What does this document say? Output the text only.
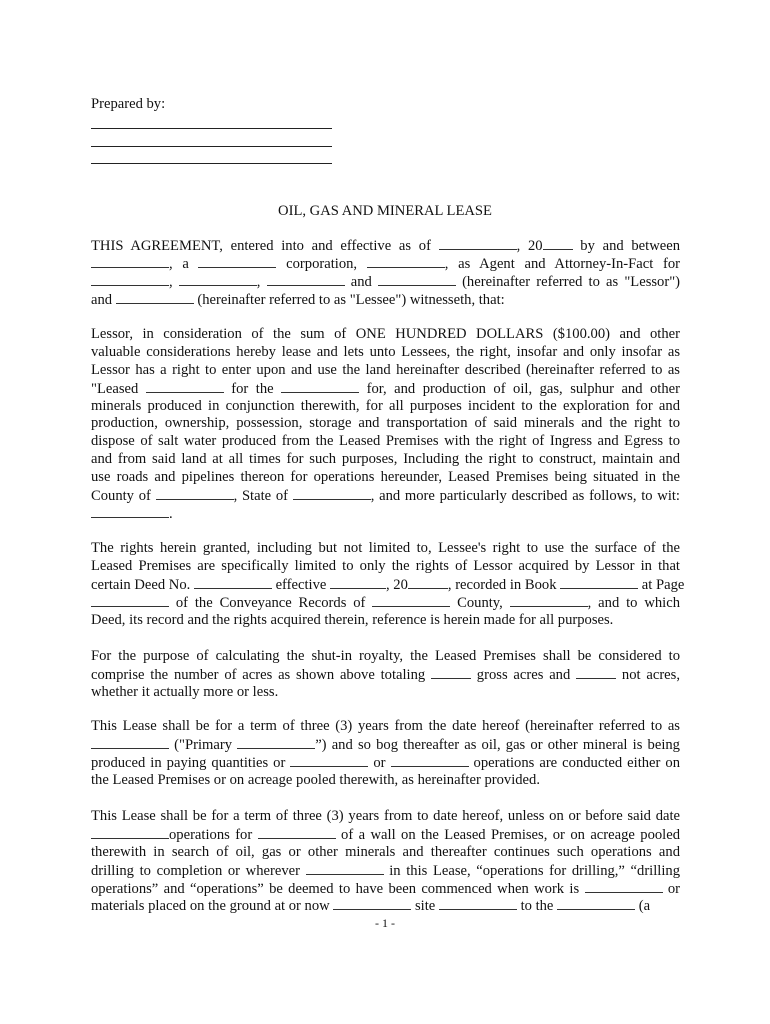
Prepared by:
OIL, GAS AND MINERAL LEASE
THIS AGREEMENT, entered into and effective as of	, 20 by and between
, a	corporation,	, as Agent and Attorney-In-Fact for
,	,	and	(hereinafter referred to as "Lessor")
and	(hereinafter referred to as "Lessee") witnesseth, that:
Lessor, in consideration of the sum of ONE HUNDRED DOLLARS ($100.00) and other
valuable considerations hereby lease and lets unto Lessees, the right, insofar and only insofar as
Lessor has a right to enter upon and use the land hereinafter described (hereinafter referred to as
"Leased	for the	for, and production of oil, gas, sulphur and other
minerals produced in conjunction therewith, for all purposes incident to the exploration for and
production, ownership, possession, storage and transportation of said minerals and the right to
dispose of salt water produced from the Leased Premises with the right of Ingress and Egress to
and from said land at all times for such purposes, Including the right to construct, maintain and
use roads and pipelines thereon for operations hereunder, Leased Premises being situated in the
County of	, State of	, and more particularly described as follows, to wit:
.
The rights herein granted, including but not limited to, Lessee's right to use the surface of the
Leased Premises are specifically limited to only the rights of Lessor acquired by Lessor in that
certain Deed No.	effective	, 20	, recorded in Book	at Page
of the Conveyance Records of	County,	, and to which
Deed, its record and the rights acquired therein, reference is herein made for all purposes.
For the purpose of calculating the shut-in royalty, the Leased Premises shall be considered to
comprise the number of acres as shown above totaling	gross acres and	not acres,
whether it actually more or less.
This Lease shall be for a term of three (3) years from the date hereof (hereinafter referred to as
("Primary	”) and so bog thereafter as oil, gas or other mineral is being
produced in paying quantities or	or	operations are conducted either on
the Leased Premises or on acreage pooled therewith, as hereinafter provided.
This Lease shall be for a term of three (3) years from to date hereof, unless on or before said date
operations for	of a wall on the Leased Premises, or on acreage pooled
therewith in search of oil, gas or other minerals and thereafter continues such operations and
drilling to completion or wherever	in this Lease, “operations for drilling,” “drilling
operations” and “operations” be deemed to have been commenced when work is	or
materials placed on the ground at or now	site	to the	(a
- 1 -
